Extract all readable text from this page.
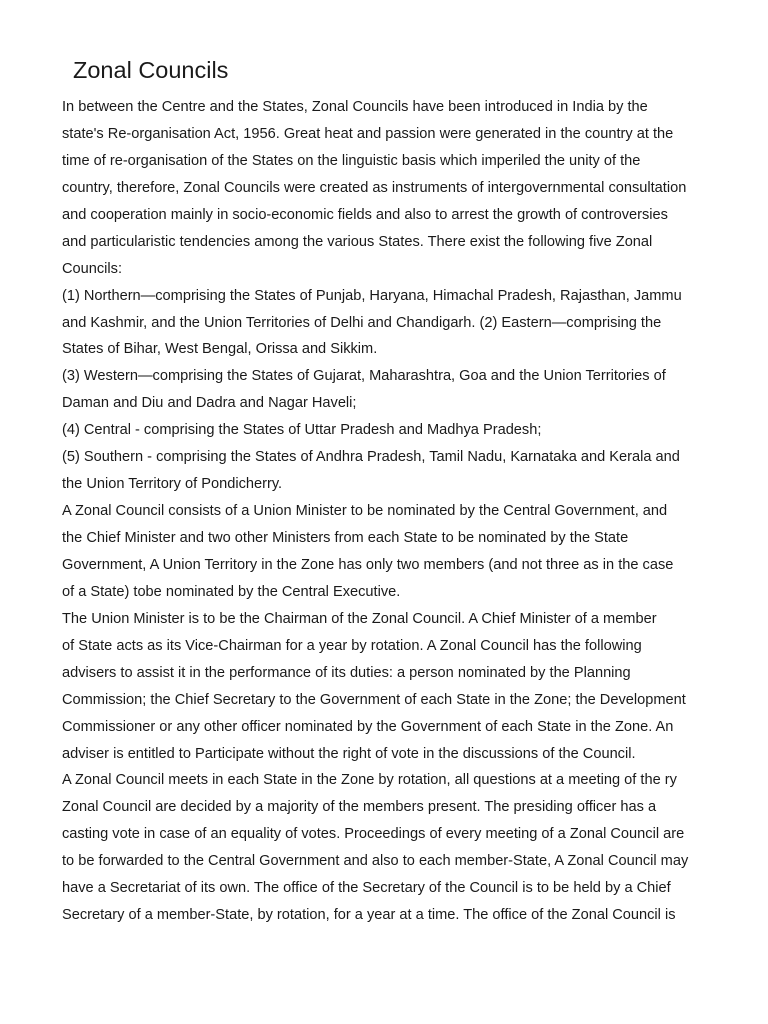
Zonal Councils
In between the Centre and the States, Zonal Councils have been introduced in India by the
state's Re-organisation Act, 1956. Great heat and passion were generated in the country at the
time of re-organisation of the States on the linguistic basis which imperiled the unity of the
country, therefore, Zonal Councils were created as instruments of intergovernmental consultation
and cooperation mainly in socio-economic fields and also to arrest the growth of controversies
and particularistic tendencies among the various States. There exist the following five Zonal
Councils:
(1) Northern—comprising the States of Punjab, Haryana, Himachal Pradesh, Rajasthan, Jammu
and Kashmir, and the Union Territories of Delhi and Chandigarh. (2) Eastern—comprising the
States of Bihar, West Bengal, Orissa and Sikkim.
(3) Western—comprising the States of Gujarat, Maharashtra, Goa and the Union Territories of
Daman and Diu and Dadra and Nagar Haveli;
(4) Central - comprising the States of Uttar Pradesh and Madhya Pradesh;
(5) Southern - comprising the States of Andhra Pradesh, Tamil Nadu, Karnataka and Kerala and
the Union Territory of Pondicherry.
A Zonal Council consists of a Union Minister to be nominated by the Central Government, and
the Chief Minister and two other Ministers from each State to be nominated by the State
Government, A Union Territory in the Zone has only two members (and not three as in the case
of a State) tobe nominated by the Central Executive.
The Union Minister is to be the Chairman of the Zonal Council. A Chief Minister of a member
of State acts as its Vice-Chairman for a year by rotation. A Zonal Council has the following
advisers to assist it in the performance of its duties: a person nominated by the Planning
Commission; the Chief Secretary to the Government of each State in the Zone; the Development
Commissioner or any other officer nominated by the Government of each State in the Zone. An
adviser is entitled to Participate without the right of vote in the discussions of the Council.
A Zonal Council meets in each State in the Zone by rotation, all questions at a meeting of the ry
Zonal Council are decided by a majority of the members present. The presiding officer has a
casting vote in case of an equality of votes. Proceedings of every meeting of a Zonal Council are
to be forwarded to the Central Government and also to each member-State, A Zonal Council may
have a Secretariat of its own. The office of the Secretary of the Council is to be held by a Chief
Secretary of a member-State, by rotation, for a year at a time. The office of the Zonal Council is
